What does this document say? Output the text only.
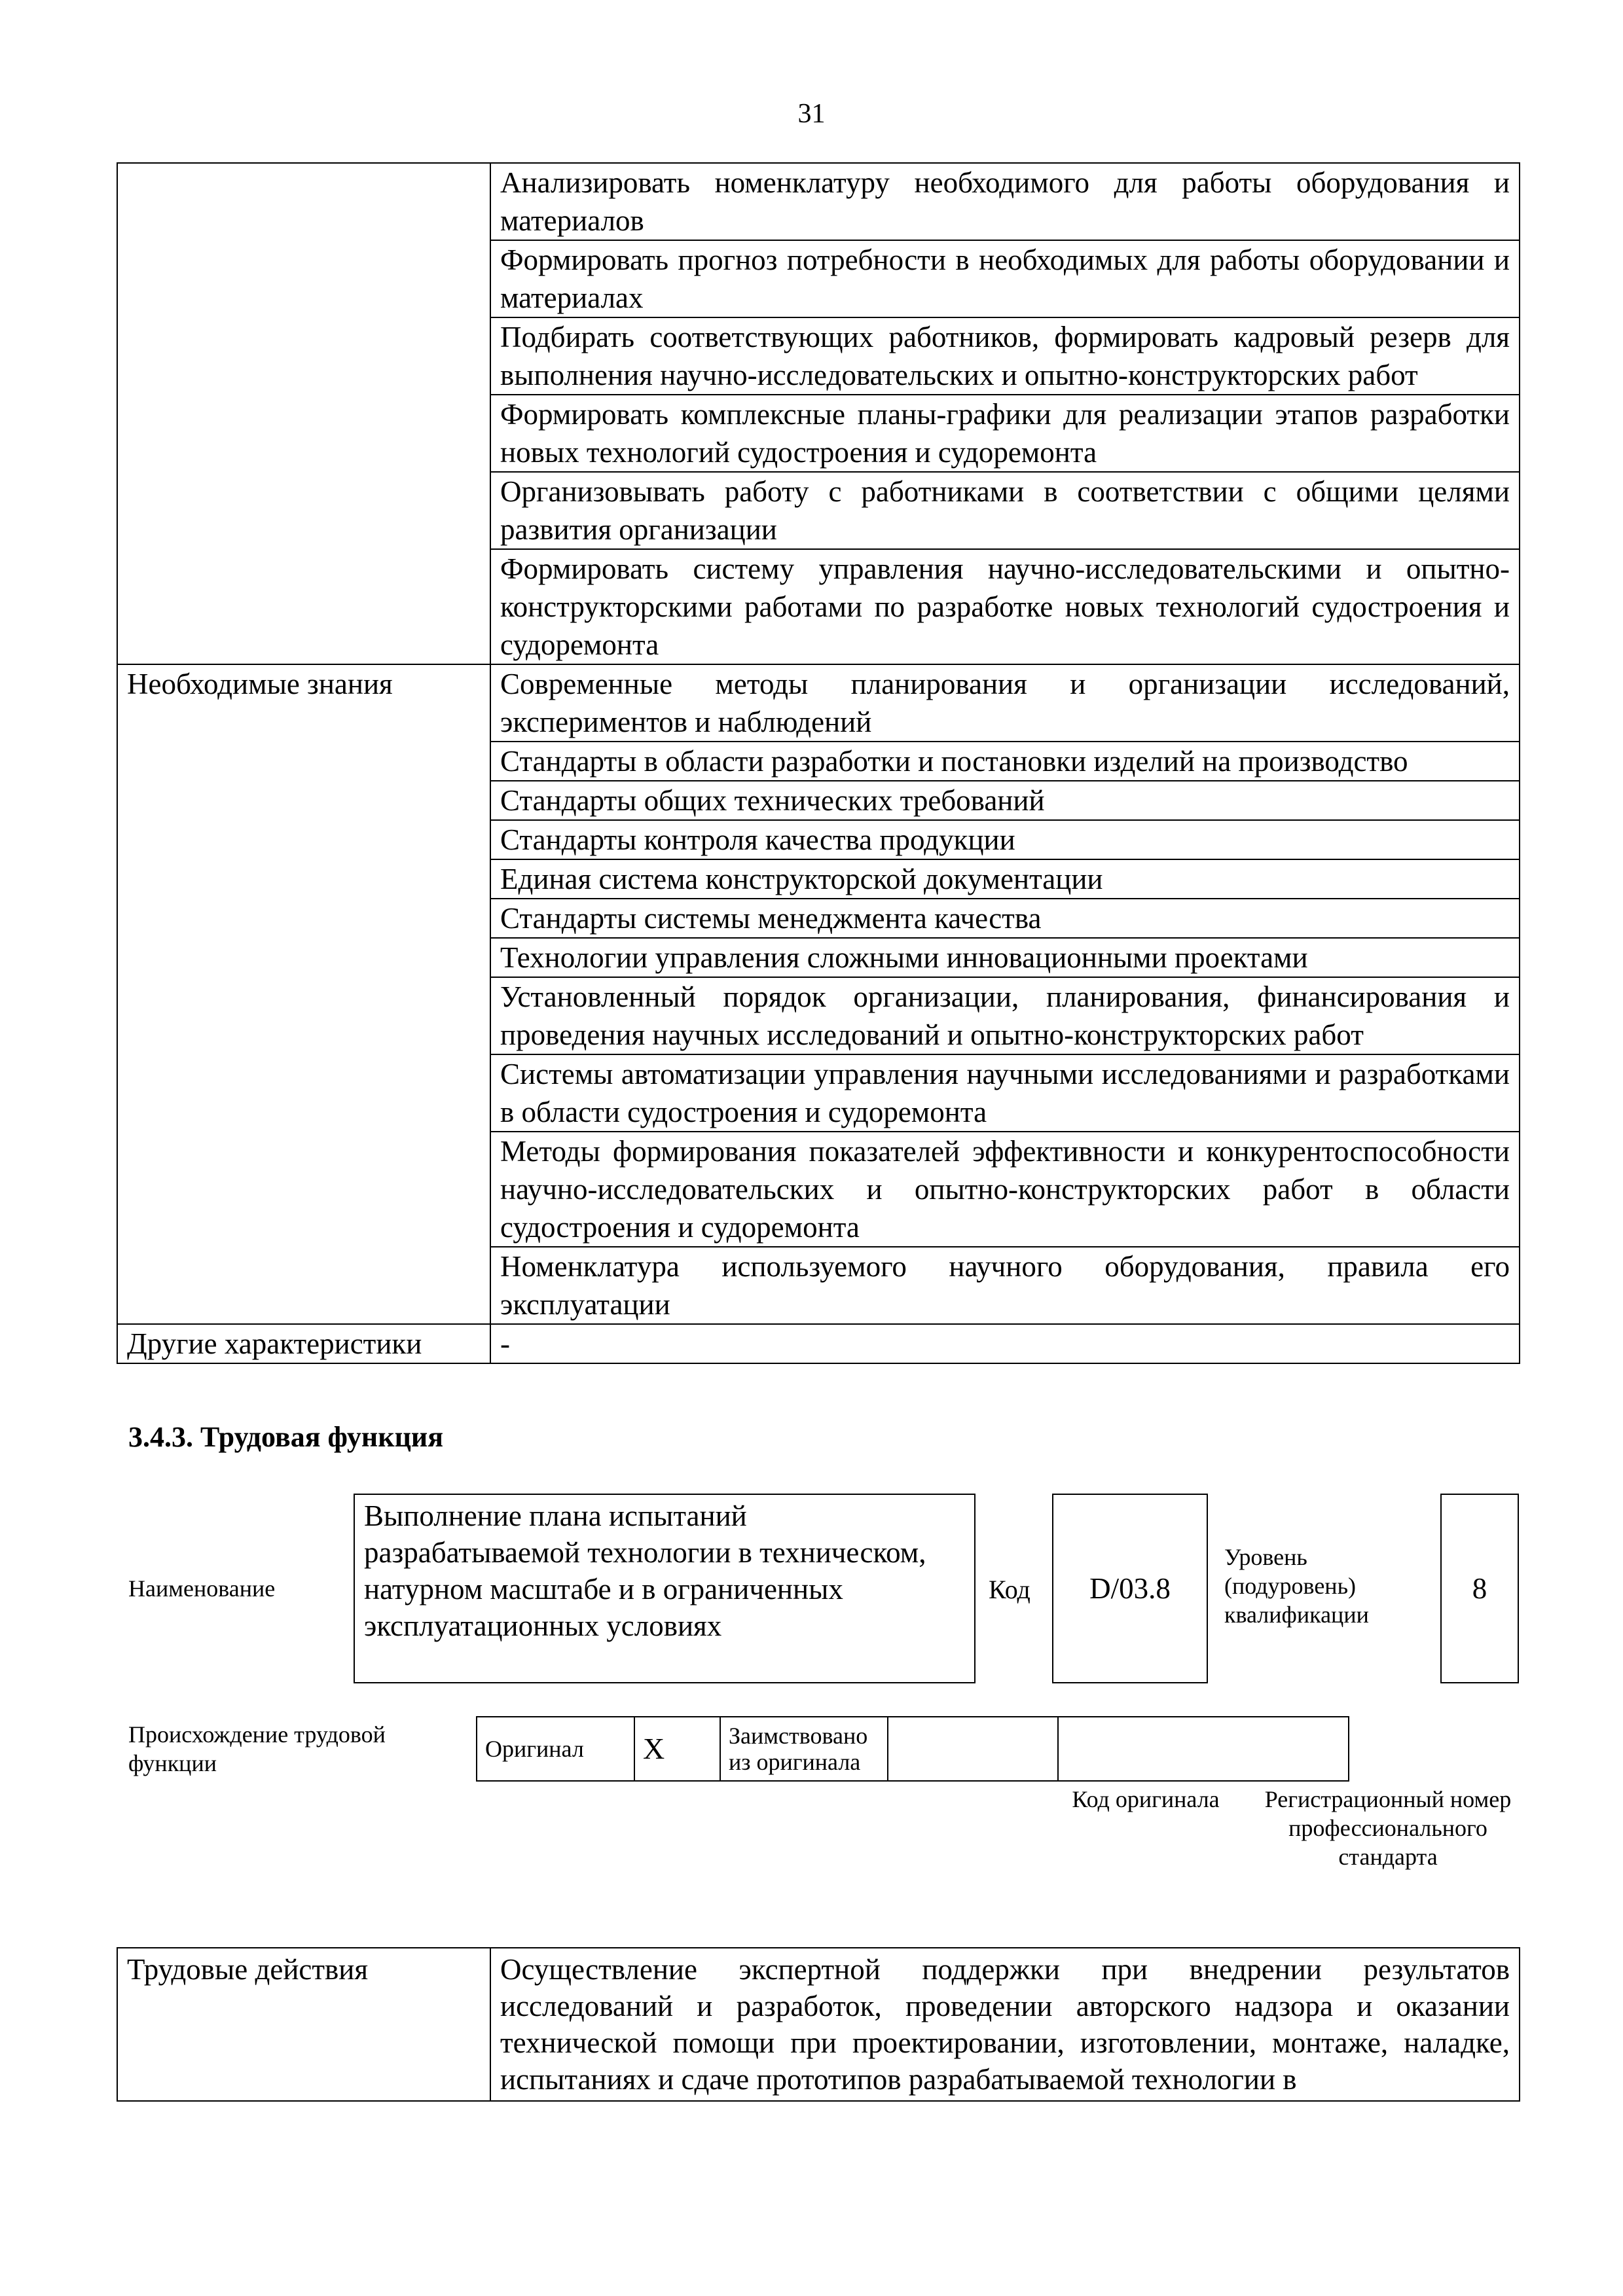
31
	Анализировать номенклатуру необходимого для работы оборудования и материалов
	Формировать прогноз потребности в необходимых для работы оборудовании и материалах
	Подбирать соответствующих работников, формировать кадровый резерв для выполнения научно-исследовательских и опытно-конструкторских работ
	Формировать комплексные планы-графики для реализации этапов разработки новых технологий судостроения и судоремонта
	Организовывать работу с работниками в соответствии с общими целями развития организации
	Формировать систему управления научно-исследовательскими и опытно-конструкторскими работами по разработке новых технологий судостроения и судоремонта
Необходимые знания	Современные методы планирования и организации исследований, экспериментов и наблюдений
	Стандарты в области разработки и постановки изделий на производство
	Стандарты общих технических требований
	Стандарты контроля качества продукции
	Единая система конструкторской документации
	Стандарты системы менеджмента качества
	Технологии управления сложными инновационными проектами
	Установленный порядок организации, планирования, финансирования и проведения научных исследований и опытно-конструкторских работ
	Системы автоматизации управления научными исследованиями и разработками в области судостроения и судоремонта
	Методы формирования показателей эффективности и конкурентоспособности научно-исследовательских и опытно-конструкторских работ в области судостроения и судоремонта
	Номенклатура используемого научного оборудования, правила его эксплуатации
Другие характеристики	-
3.4.3. Трудовая функция
Наименование
Выполнение плана испытаний разрабатываемой технологии в техническом, натурном масштабе и в ограниченных эксплуатационных условиях
Код	D/03.8
Уровень (подуровень) квалификации
8
Происхождение трудовой функции
Оригинал	X	Заимствовано из оригинала		
Код оригинала	Регистрационный номер профессионального стандарта
Трудовые действия	Осуществление экспертной поддержки при внедрении результатов исследований и разработок, проведении авторского надзора и оказании технической помощи при проектировании, изготовлении, монтаже, наладке, испытаниях и сдаче прототипов разрабатываемой технологии в
